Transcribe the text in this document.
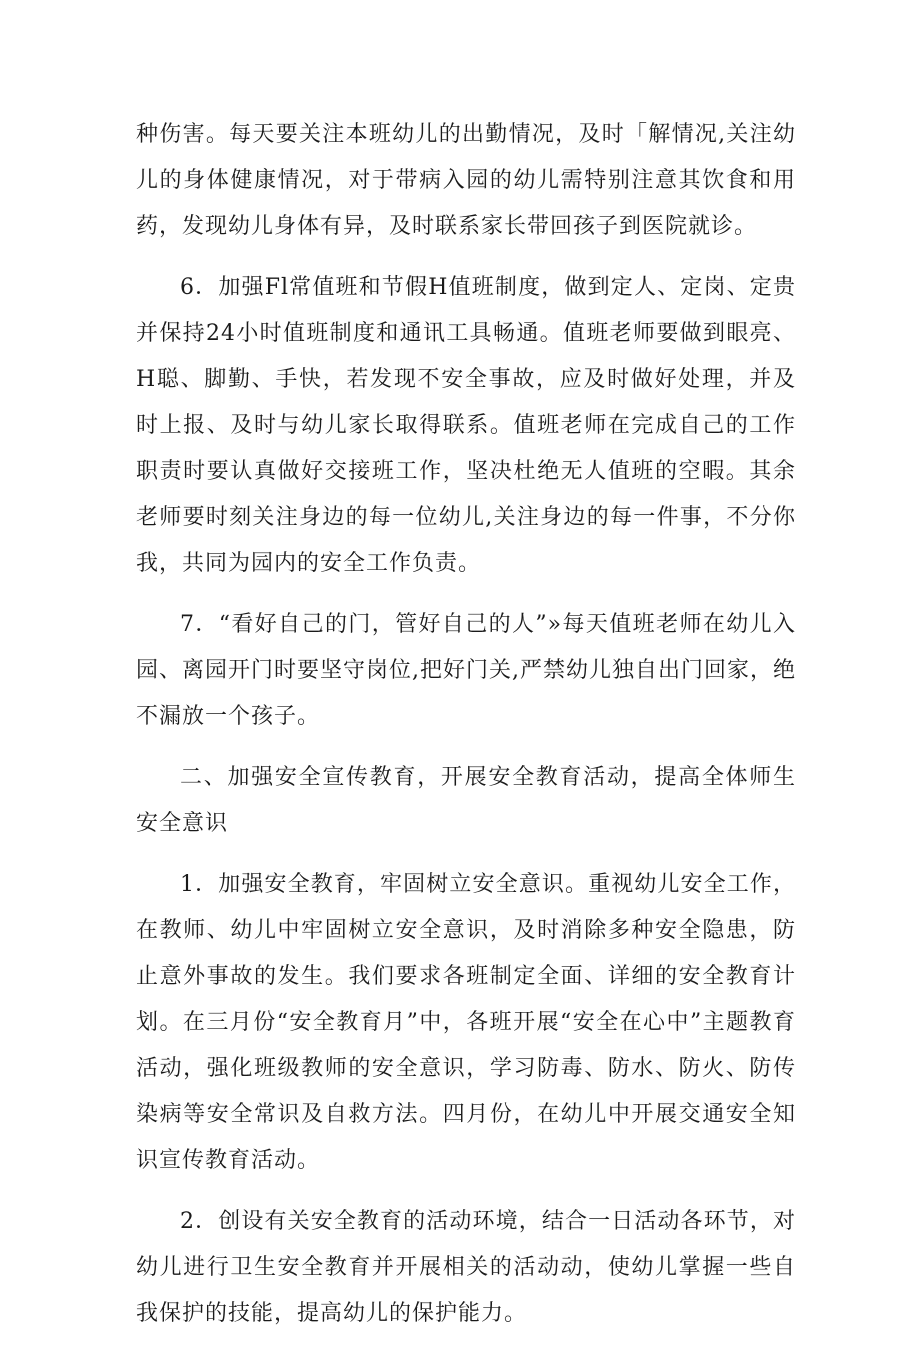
种伤害。每天要关注本班幼儿的出勤情况，及时「解情况,关注幼儿的身体健康情况，对于带病入园的幼儿需特别注意其饮食和用药，发现幼儿身体有异，及时联系家长带回孩子到医院就诊。

6．加强Fl常值班和节假H值班制度，做到定人、定岗、定贵并保持24小时值班制度和通讯工具畅通。值班老师要做到眼亮、H聪、脚勤、手快，若发现不安全事故，应及时做好处理，并及时上报、及时与幼儿家长取得联系。值班老师在完成自己的工作职责时要认真做好交接班工作，坚决杜绝无人值班的空暇。其余老师要时刻关注身边的每一位幼儿,关注身边的每一件事，不分你我，共同为园内的安全工作负责。

7．“看好自己的门，管好自己的人”»每天值班老师在幼儿入园、离园开门时要坚守岗位,把好门关,严禁幼儿独自出门回家，绝不漏放一个孩子。

二、加强安全宣传教育，开展安全教育活动，提高全体师生安全意识

1．加强安全教育，牢固树立安全意识。重视幼儿安全工作，在教师、幼儿中牢固树立安全意识，及时消除多种安全隐患，防止意外事故的发生。我们要求各班制定全面、详细的安全教育计划。在三月份“安全教育月”中，各班开展“安全在心中”主题教育活动，强化班级教师的安全意识，学习防毒、防水、防火、防传染病等安全常识及自救方法。四月份，在幼儿中开展交通安全知识宣传教育活动。

2．创设有关安全教育的活动环境，结合一日活动各环节，对幼儿进行卫生安全教育并开展相关的活动动，使幼儿掌握一些自我保护的技能，提高幼儿的保护能力。
